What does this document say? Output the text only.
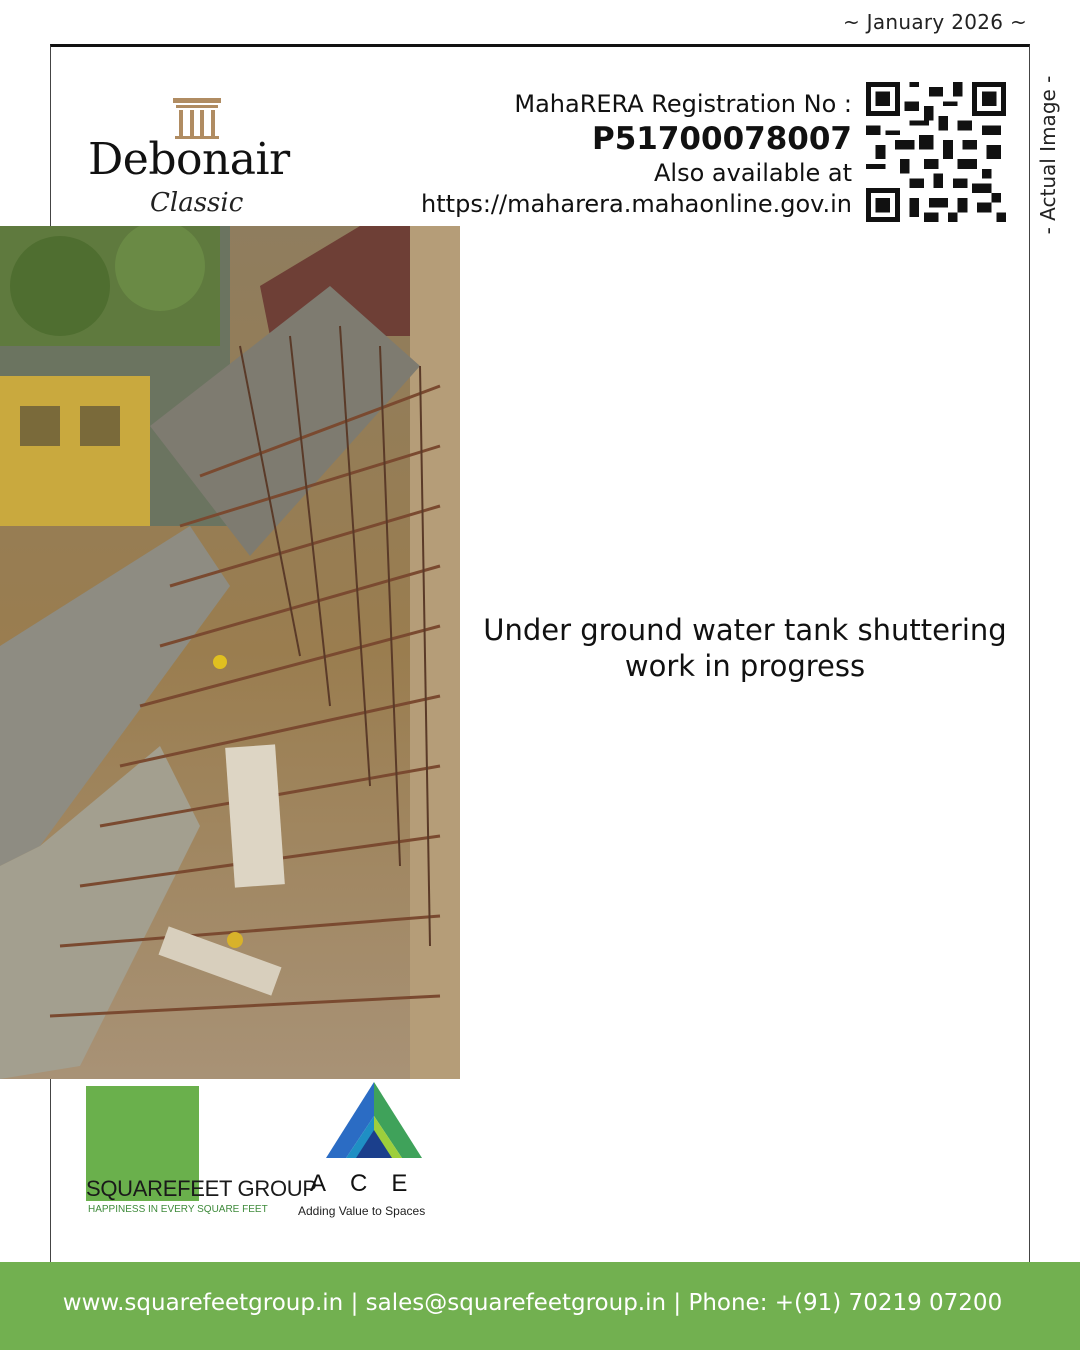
~ January 2026 ~
- Actual Image -
Debonair
Classic
MahaRERA Registration No :
P51700078007
Also available at
https://maharera.mahaonline.gov.in
Under ground water tank shuttering
work in progress
SQUAREFEET GROUP
HAPPINESS IN EVERY SQUARE FEET
ACE
Adding Value to Spaces
www.squarefeetgroup.in | sales@squarefeetgroup.in | Phone: +(91) 70219 07200
